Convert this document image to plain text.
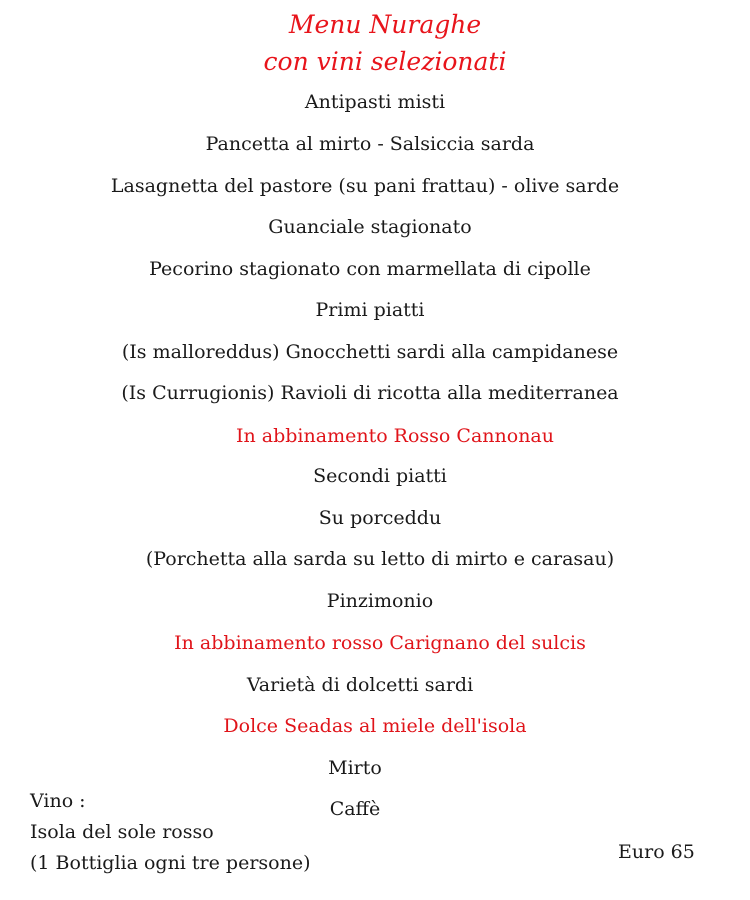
Menu Nuraghe
con vini selezionati
Antipasti misti
Pancetta al mirto - Salsiccia sarda
Lasagnetta del pastore (su pani frattau) - olive sarde
Guanciale stagionato
Pecorino stagionato con marmellata di cipolle
Primi piatti
(Is malloreddus) Gnocchetti sardi alla campidanese
(Is Currugionis) Ravioli di ricotta alla mediterranea
In abbinamento Rosso Cannonau
Secondi piatti
Su porceddu
(Porchetta alla sarda su letto di mirto e carasau)
Pinzimonio
In abbinamento rosso Carignano del sulcis
Varietà di dolcetti sardi
Dolce Seadas al miele dell'isola
Mirto
Caffè
Vino :
Isola del sole rosso
(1 Bottiglia ogni tre persone)	Euro 65
